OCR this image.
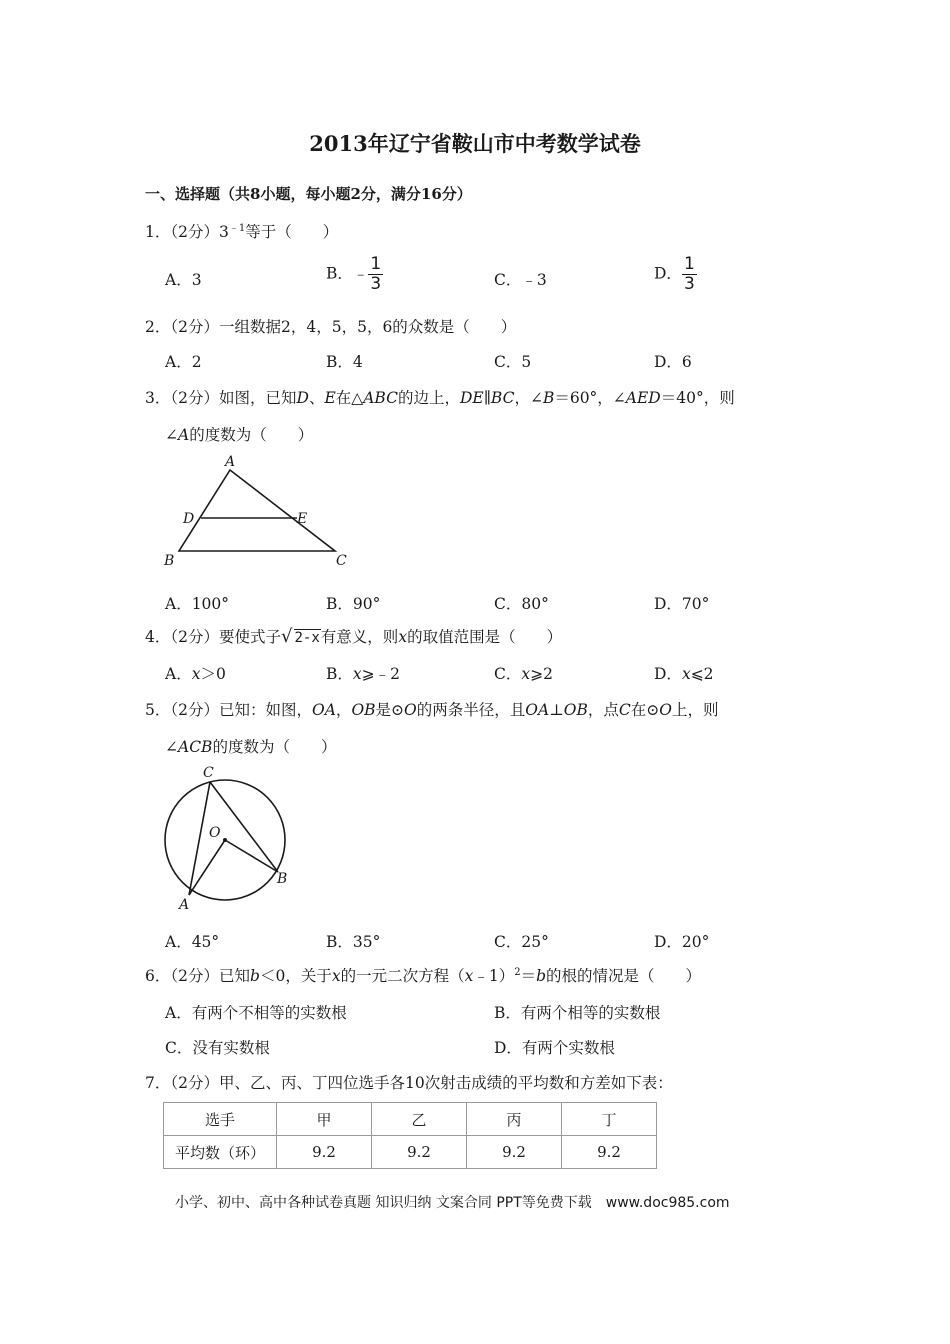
2013年辽宁省鞍山市中考数学试卷
一、选择题（共8小题，每小题2分，满分16分）
1．（2分）$3^{﹣1}$等于（　　）
A．3	B．﹣ $\frac{1}{3}$	C．﹣3	D． $\frac{1}{3}$
2．（2分）一组数据2，4，5，5，6的众数是（　　）
A．2	B．4	C．5	D．6
3．（2分）如图，已知D、E在△ABC的边上，DE∥BC，∠B＝60°，∠AED＝40°，则
∠A的度数为（　　）
A
D	E
B	C
A．100°	B．90°	C．80°	D．70°
4．（2分）要使式子√ 2-x有意义，则x的取值范围是（　　）
A．x＞0	B．x⩾﹣2	C．x⩾2	D．x⩽2
5．（2分）已知：如图，OA，OB是⊙O的两条半径，且OA⊥OB，点C在⊙O上，则
∠ACB的度数为（　　）
C
O
A
B
A．45°	B．35°	C．25°	D．20°
6．（2分）已知b＜0，关于x的一元二次方程（x﹣1）$^2$＝b的根的情况是（　　）
A．有两个不相等的实数根	B．有两个相等的实数根
C．没有实数根	D．有两个实数根
7．（2分）甲、乙、丙、丁四位选手各10次射击成绩的平均数和方差如下表：
选手	甲	乙	丙	丁
平均数（环）	9.2	9.2	9.2	9.2
小学、初中、高中各种试卷真题 知识归纳 文案合同 PPT等免费下载　www.doc985.com
